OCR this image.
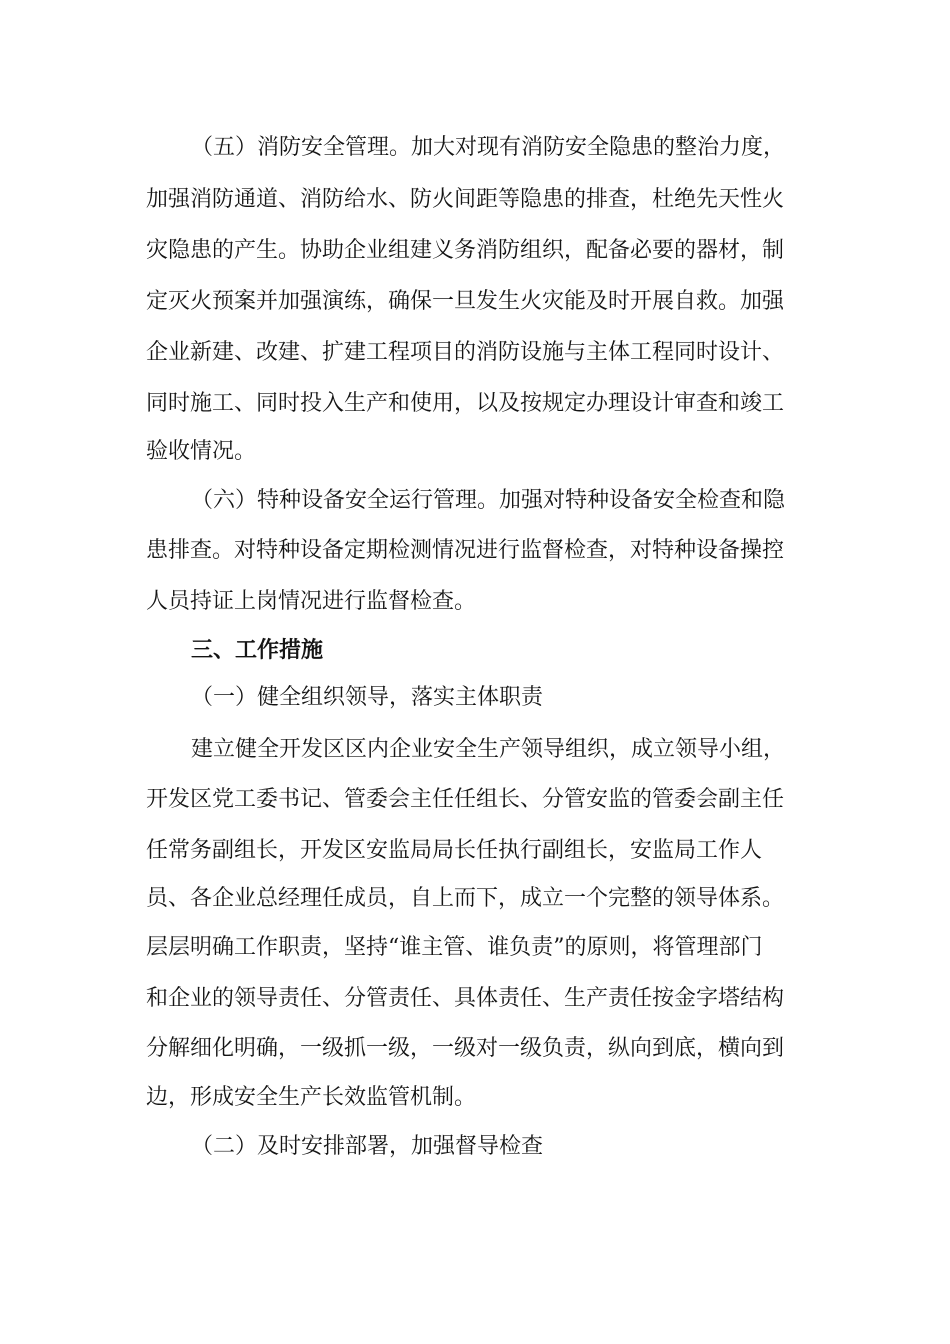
（五）消防安全管理。加大对现有消防安全隐患的整治力度，
加强消防通道、消防给水、防火间距等隐患的排查，杜绝先天性火
灾隐患的产生。协助企业组建义务消防组织，配备必要的器材，制
定灭火预案并加强演练，确保一旦发生火灾能及时开展自救。加强
企业新建、改建、扩建工程项目的消防设施与主体工程同时设计、
同时施工、同时投入生产和使用，以及按规定办理设计审查和竣工
验收情况。
（六）特种设备安全运行管理。加强对特种设备安全检查和隐
患排查。对特种设备定期检测情况进行监督检查，对特种设备操控
人员持证上岗情况进行监督检查。
三、工作措施
（一）健全组织领导，落实主体职责
建立健全开发区区内企业安全生产领导组织，成立领导小组，
开发区党工委书记、管委会主任任组长、分管安监的管委会副主任
任常务副组长，开发区安监局局长任执行副组长，安监局工作人
员、各企业总经理任成员，自上而下，成立一个完整的领导体系。
层层明确工作职责，坚持“谁主管、谁负责”的原则，将管理部门
和企业的领导责任、分管责任、具体责任、生产责任按金字塔结构
分解细化明确，一级抓一级，一级对一级负责，纵向到底，横向到
边，形成安全生产长效监管机制。
（二）及时安排部署，加强督导检查
